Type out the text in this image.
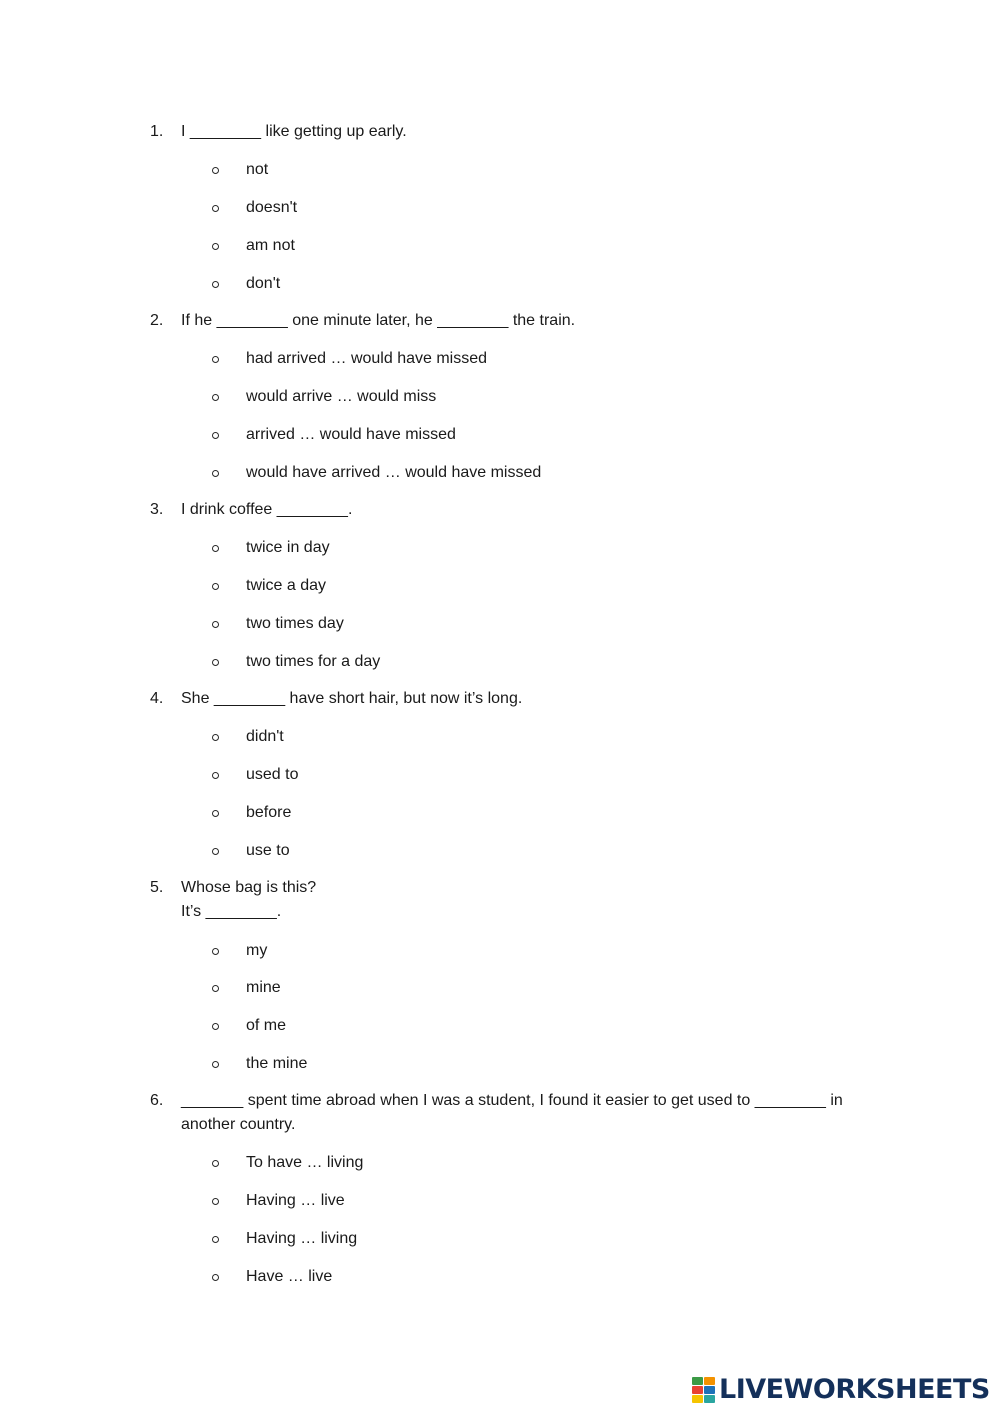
1.	I ________ like getting up early.
not
doesn't
am not
don't
2.	If he ________ one minute later, he ________ the train.
had arrived … would have missed
would arrive … would miss
arrived … would have missed
would have arrived … would have missed
3.	I drink coffee ________.
twice in day
twice a day
two times day
two times for a day
4.	She ________ have short hair, but now it’s long.
didn't
used to
before
use to
5.	Whose bag is this?
It’s ________.
my
mine
of me
the mine
6.	_______ spent time abroad when I was a student, I found it easier to get used to ________ in another country.
To have … living
Having … live
Having … living
Have … live
LIVEWORKSHEETS
